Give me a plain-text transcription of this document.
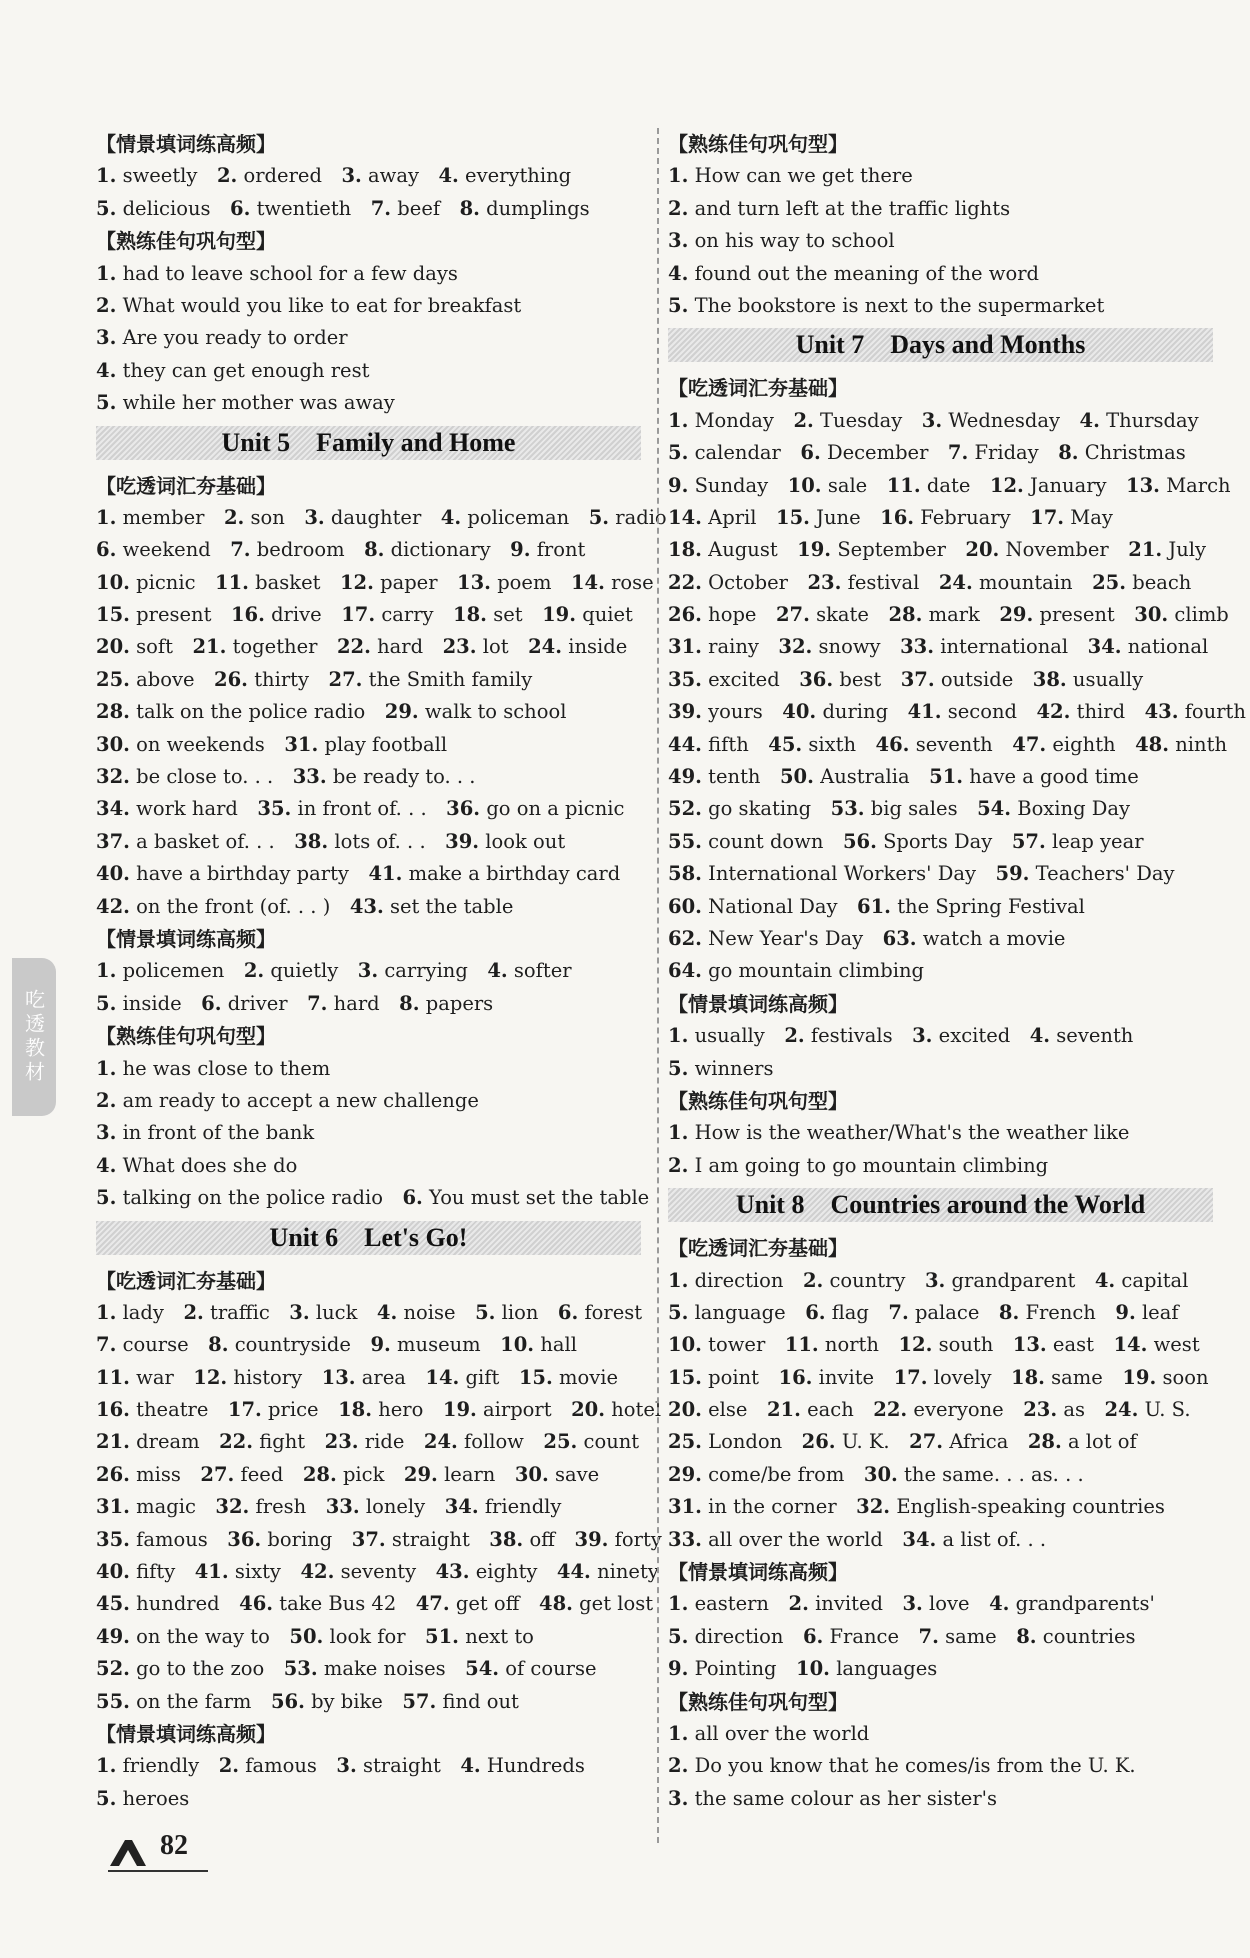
【情景填词练高频】
1. sweetly   2. ordered   3. away   4. everything
5. delicious   6. twentieth   7. beef   8. dumplings
【熟练佳句巩句型】
1. had to leave school for a few days
2. What would you like to eat for breakfast
3. Are you ready to order
4. they can get enough rest
5. while her mother was away
Unit 5    Family and Home
【吃透词汇夯基础】
1. member   2. son   3. daughter   4. policeman   5. radio
6. weekend   7. bedroom   8. dictionary   9. front
10. picnic   11. basket   12. paper   13. poem   14. rose
15. present   16. drive   17. carry   18. set   19. quiet
20. soft   21. together   22. hard   23. lot   24. inside
25. above   26. thirty   27. the Smith family
28. talk on the police radio   29. walk to school
30. on weekends   31. play football
32. be close to. . .   33. be ready to. . .
34. work hard   35. in front of. . .   36. go on a picnic
37. a basket of. . .   38. lots of. . .   39. look out
40. have a birthday party   41. make a birthday card
42. on the front (of. . . )   43. set the table
【情景填词练高频】
1. policemen   2. quietly   3. carrying   4. softer
5. inside   6. driver   7. hard   8. papers
【熟练佳句巩句型】
1. he was close to them
2. am ready to accept a new challenge
3. in front of the bank
4. What does she do
5. talking on the police radio   6. You must set the table
Unit 6    Let's Go!
【吃透词汇夯基础】
1. lady   2. traffic   3. luck   4. noise   5. lion   6. forest
7. course   8. countryside   9. museum   10. hall
11. war   12. history   13. area   14. gift   15. movie
16. theatre   17. price   18. hero   19. airport   20. hotel
21. dream   22. fight   23. ride   24. follow   25. count
26. miss   27. feed   28. pick   29. learn   30. save
31. magic   32. fresh   33. lonely   34. friendly
35. famous   36. boring   37. straight   38. off   39. forty
40. fifty   41. sixty   42. seventy   43. eighty   44. ninety
45. hundred   46. take Bus 42   47. get off   48. get lost
49. on the way to   50. look for   51. next to
52. go to the zoo   53. make noises   54. of course
55. on the farm   56. by bike   57. find out
【情景填词练高频】
1. friendly   2. famous   3. straight   4. Hundreds
5. heroes
【熟练佳句巩句型】
1. How can we get there
2. and turn left at the traffic lights
3. on his way to school
4. found out the meaning of the word
5. The bookstore is next to the supermarket
Unit 7    Days and Months
【吃透词汇夯基础】
1. Monday   2. Tuesday   3. Wednesday   4. Thursday
5. calendar   6. December   7. Friday   8. Christmas
9. Sunday   10. sale   11. date   12. January   13. March
14. April   15. June   16. February   17. May
18. August   19. September   20. November   21. July
22. October   23. festival   24. mountain   25. beach
26. hope   27. skate   28. mark   29. present   30. climb
31. rainy   32. snowy   33. international   34. national
35. excited   36. best   37. outside   38. usually
39. yours   40. during   41. second   42. third   43. fourth
44. fifth   45. sixth   46. seventh   47. eighth   48. ninth
49. tenth   50. Australia   51. have a good time
52. go skating   53. big sales   54. Boxing Day
55. count down   56. Sports Day   57. leap year
58. International Workers' Day   59. Teachers' Day
60. National Day   61. the Spring Festival
62. New Year's Day   63. watch a movie
64. go mountain climbing
【情景填词练高频】
1. usually   2. festivals   3. excited   4. seventh
5. winners
【熟练佳句巩句型】
1. How is the weather/What's the weather like
2. I am going to go mountain climbing
Unit 8    Countries around the World
【吃透词汇夯基础】
1. direction   2. country   3. grandparent   4. capital
5. language   6. flag   7. palace   8. French   9. leaf
10. tower   11. north   12. south   13. east   14. west
15. point   16. invite   17. lovely   18. same   19. soon
20. else   21. each   22. everyone   23. as   24. U. S.
25. London   26. U. K.   27. Africa   28. a lot of
29. come/be from   30. the same. . . as. . .
31. in the corner   32. English-speaking countries
33. all over the world   34. a list of. . .
【情景填词练高频】
1. eastern   2. invited   3. love   4. grandparents'
5. direction   6. France   7. same   8. countries
9. Pointing   10. languages
【熟练佳句巩句型】
1. all over the world
2. Do you know that he comes/is from the U. K.
3. the same colour as her sister's
吃透教材
82
